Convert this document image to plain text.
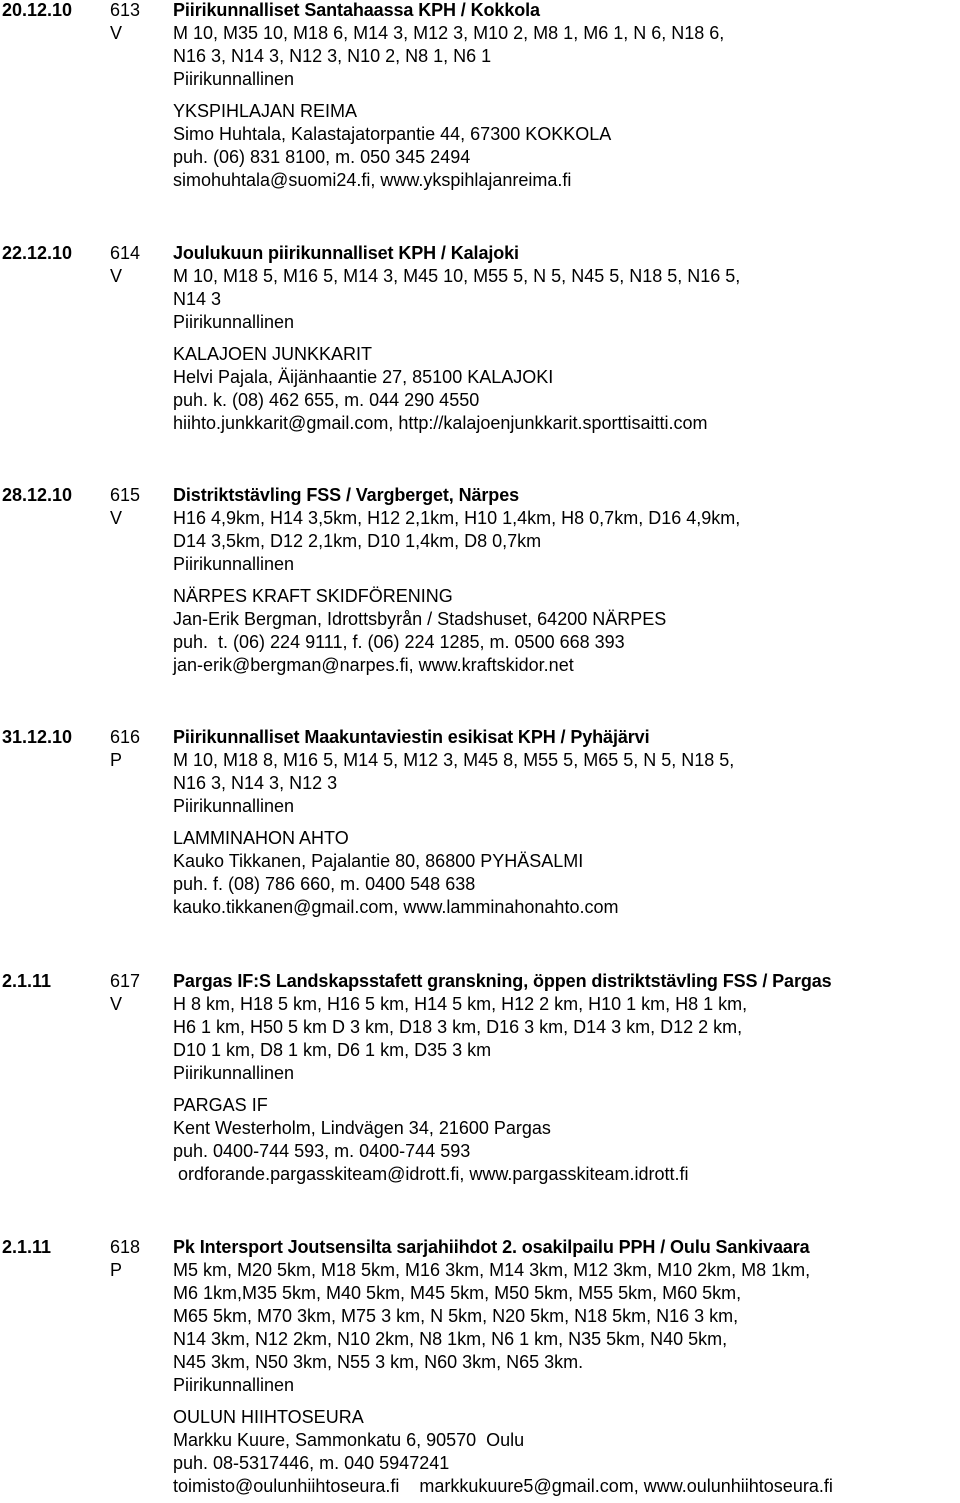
20.12.10 613
V
Piirikunnalliset Santahaassa KPH / Kokkola
M 10, M35 10, M18 6, M14 3, M12 3, M10 2, M8 1, M6 1, N 6, N18 6,
N16 3, N14 3, N12 3, N10 2, N8 1, N6 1
Piirikunnallinen
YKSPIHLAJAN REIMA
Simo Huhtala, Kalastajatorpantie 44, 67300 KOKKOLA
puh. (06) 831 8100, m. 050 345 2494
simohuhtala@suomi24.fi, www.ykspihlajanreima.fi
22.12.10 614
V
Joulukuun piirikunnalliset KPH / Kalajoki
M 10, M18 5, M16 5, M14 3, M45 10, M55 5, N 5, N45 5, N18 5, N16 5,
N14 3
Piirikunnallinen
KALAJOEN JUNKKARIT
Helvi Pajala, Äijänhaantie 27, 85100 KALAJOKI
puh. k. (08) 462 655, m. 044 290 4550
hiihto.junkkarit@gmail.com, http://kalajoenjunkkarit.sporttisaitti.com
28.12.10 615
V
Distriktstävling FSS / Vargberget, Närpes
H16 4,9km, H14 3,5km, H12 2,1km, H10 1,4km, H8 0,7km, D16 4,9km,
D14 3,5km, D12 2,1km, D10 1,4km, D8 0,7km
Piirikunnallinen
NÄRPES KRAFT SKIDFÖRENING
Jan-Erik Bergman, Idrottsbyrån / Stadshuset, 64200 NÄRPES
puh.  t. (06) 224 9111, f. (06) 224 1285, m. 0500 668 393
jan-erik@bergman@narpes.fi, www.kraftskidor.net
31.12.10 616
P
Piirikunnalliset Maakuntaviestin esikisat KPH / Pyhäjärvi
M 10, M18 8, M16 5, M14 5, M12 3, M45 8, M55 5, M65 5, N 5, N18 5,
N16 3, N14 3, N12 3
Piirikunnallinen
LAMMINAHON AHTO
Kauko Tikkanen, Pajalantie 80, 86800 PYHÄSALMI
puh. f. (08) 786 660, m. 0400 548 638
kauko.tikkanen@gmail.com, www.lamminahonahto.com
2.1.11	617
V
Pargas IF:S Landskapsstafett granskning, öppen distriktstävling FSS / Pargas
H 8 km, H18 5 km, H16 5 km, H14 5 km, H12 2 km, H10 1 km, H8 1 km,
H6 1 km, H50 5 km D 3 km, D18 3 km, D16 3 km, D14 3 km, D12 2 km,
D10 1 km, D8 1 km, D6 1 km, D35 3 km
Piirikunnallinen
PARGAS IF
Kent Westerholm, Lindvägen 34, 21600 Pargas
puh. 0400-744 593, m. 0400-744 593
ordforande.pargasskiteam@idrott.fi, www.pargasskiteam.idrott.fi
2.1.11	618
P
Pk Intersport Joutsensilta sarjahiihdot 2. osakilpailu PPH / Oulu Sankivaara
M5 km, M20 5km, M18 5km, M16 3km, M14 3km, M12 3km, M10 2km, M8 1km,
M6 1km,M35 5km, M40 5km, M45 5km, M50 5km, M55 5km, M60 5km,
M65 5km, M70 3km, M75 3 km, N 5km, N20 5km, N18 5km, N16 3 km,
N14 3km, N12 2km, N10 2km, N8 1km, N6 1 km, N35 5km, N40 5km,
N45 3km, N50 3km, N55 3 km, N60 3km, N65 3km.
Piirikunnallinen
OULUN HIIHTOSEURA
Markku Kuure, Sammonkatu 6, 90570  Oulu
puh. 08-5317446, m. 040 5947241
toimisto@oulunhiihtoseura.fi    markkukuure5@gmail.com, www.oulunhiihtoseura.fi
